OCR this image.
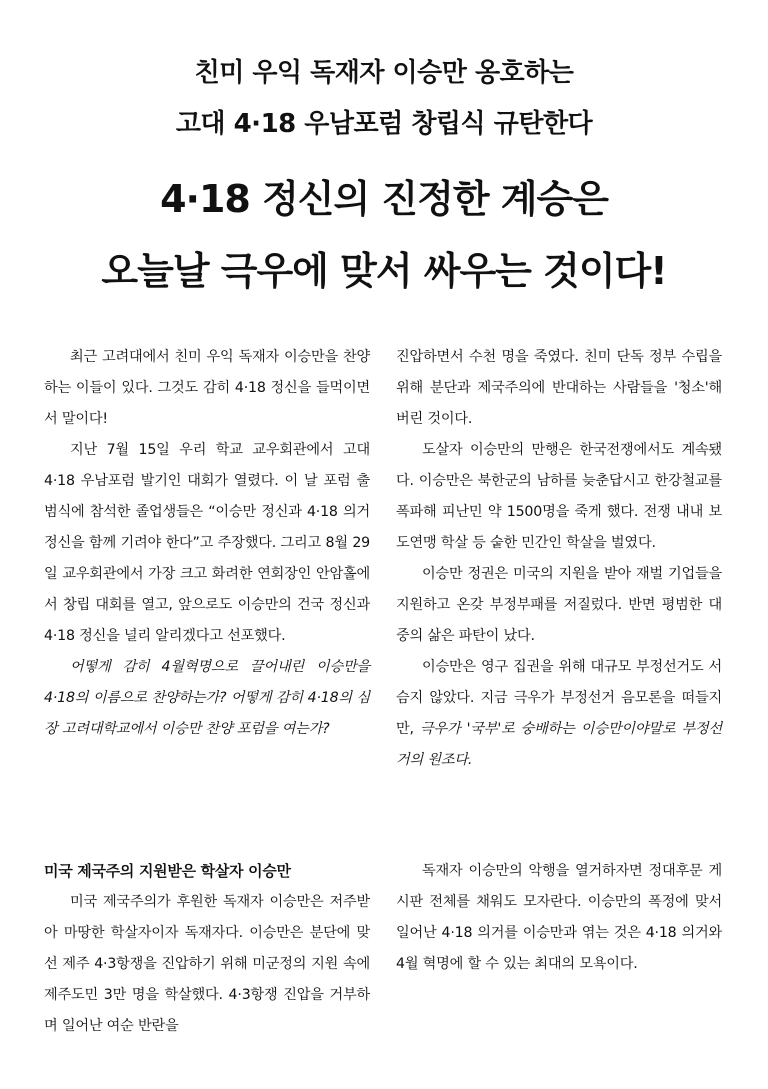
친미 우익 독재자 이승만 옹호하는
고대 4·18 우남포럼 창립식 규탄한다
4·18 정신의 진정한 계승은
오늘날 극우에 맞서 싸우는 것이다!

최근 고려대에서 친미 우익 독재자 이승만을 찬양하는 이들이 있다. 그것도 감히 4·18 정신을 들먹이면서 말이다!

지난 7월 15일 우리 학교 교우회관에서 고대 4·18 우남포럼 발기인 대회가 열렸다. 이 날 포럼 출범식에 참석한 졸업생들은 “이승만 정신과 4·18 의거 정신을 함께 기려야 한다”고 주장했다. 그리고 8월 29일 교우회관에서 가장 크고 화려한 연회장인 안암홀에서 창립 대회를 열고, 앞으로도 이승만의 건국 정신과 4·18 정신을 널리 알리겠다고 선포했다.

어떻게 감히 4월혁명으로 끌어내린 이승만을 4·18의 이름으로 찬양하는가? 어떻게 감히 4·18의 심장 고려대학교에서 이승만 찬양 포럼을 여는가?

진압하면서 수천 명을 죽였다. 친미 단독 정부 수립을 위해 분단과 제국주의에 반대하는 사람들을 '청소'해 버린 것이다.

도살자 이승만의 만행은 한국전쟁에서도 계속됐다. 이승만은 북한군의 남하를 늦춘답시고 한강철교를 폭파해 피난민 약 1500명을 죽게 했다. 전쟁 내내 보도연맹 학살 등 숱한 민간인 학살을 벌였다.

이승만 정권은 미국의 지원을 받아 재벌 기업들을 지원하고 온갖 부정부패를 저질렀다. 반면 평범한 대중의 삶은 파탄이 났다.

이승만은 영구 집권을 위해 대규모 부정선거도 서슴지 않았다. 지금 극우가 부정선거 음모론을 떠들지만, 극우가 '국부'로 숭배하는 이승만이야말로 부정선거의 원조다.

미국 제국주의 지원받은 학살자 이승만

미국 제국주의가 후원한 독재자 이승만은 저주받아 마땅한 학살자이자 독재자다. 이승만은 분단에 맞선 제주 4·3항쟁을 진압하기 위해 미군정의 지원 속에 제주도민 3만 명을 학살했다. 4·3항쟁 진압을 거부하며 일어난 여순 반란을

독재자 이승만의 악행을 열거하자면 정대후문 게시판 전체를 채워도 모자란다. 이승만의 폭정에 맞서 일어난 4·18 의거를 이승만과 엮는 것은 4·18 의거와 4월 혁명에 할 수 있는 최대의 모욕이다.
